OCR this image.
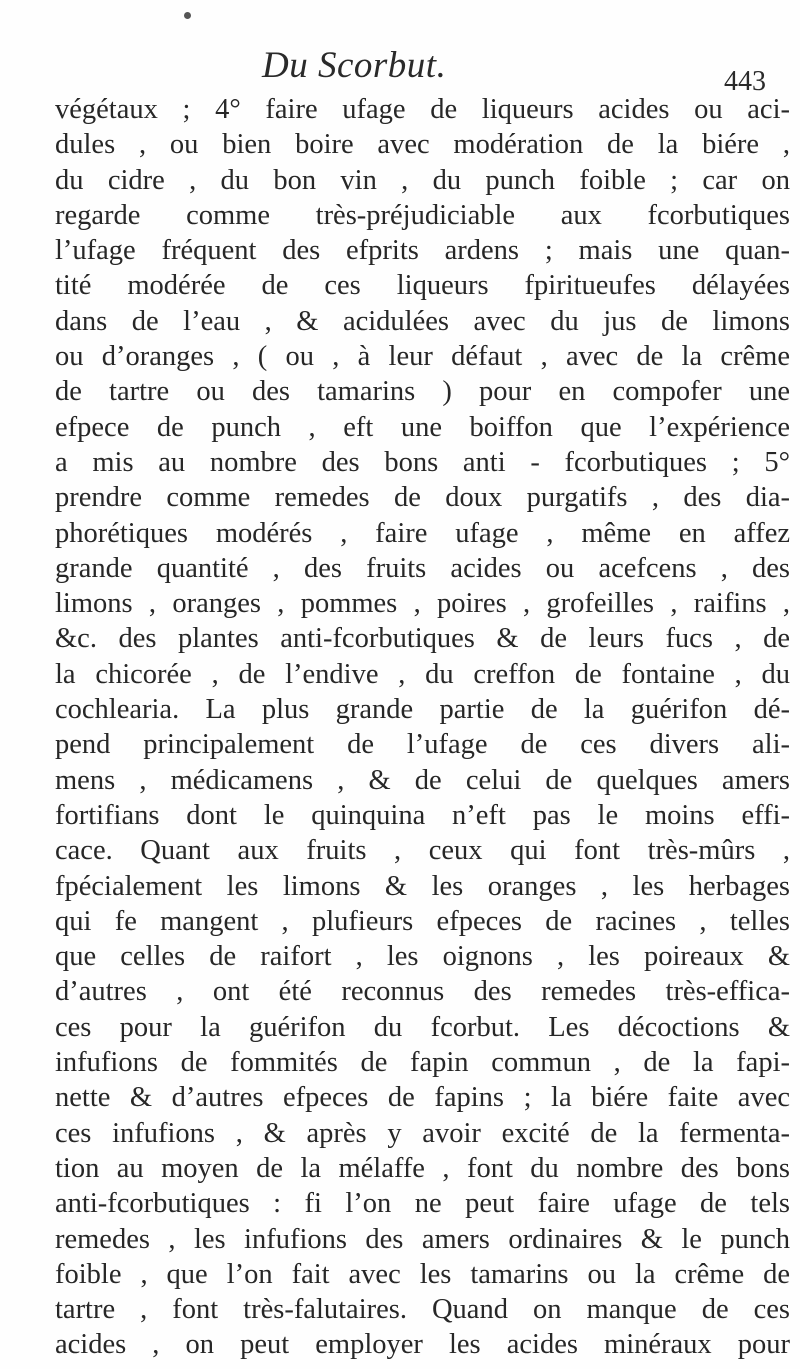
Du Scorbut.	443
végétaux ; 4° faire ufage de liqueurs acides ou aci-
dules , ou bien boire avec modération de la biére ,
du cidre , du bon vin , du punch foible ; car on
regarde comme très-préjudiciable aux fcorbutiques
l’ufage fréquent des efprits ardens ; mais une quan-
tité modérée de ces liqueurs fpiritueufes délayées
dans de l’eau , & acidulées avec du jus de limons
ou d’oranges , ( ou , à leur défaut , avec de la crême
de tartre ou des tamarins ) pour en compofer une
efpece de punch , eft une boiffon que l’expérience
a mis au nombre des bons anti - fcorbutiques ; 5°
prendre comme remedes de doux purgatifs , des dia-
phorétiques modérés , faire ufage , même en affez
grande quantité , des fruits acides ou acefcens , des
limons , oranges , pommes , poires , grofeilles , raifins ,
&c. des plantes anti-fcorbutiques & de leurs fucs , de
la chicorée , de l’endive , du creffon de fontaine , du
cochlearia. La plus grande partie de la guérifon dé-
pend principalement de l’ufage de ces divers ali-
mens , médicamens , & de celui de quelques amers
fortifians dont le quinquina n’eft pas le moins effi-
cace. Quant aux fruits , ceux qui font très-mûrs ,
fpécialement les limons & les oranges , les herbages
qui fe mangent , plufieurs efpeces de racines , telles
que celles de raifort , les oignons , les poireaux &
d’autres , ont été reconnus des remedes très-effica-
ces pour la guérifon du fcorbut. Les décoctions &
infufions de fommités de fapin commun , de la fapi-
nette & d’autres efpeces de fapins ; la biére faite avec
ces infufions , & après y avoir excité de la fermenta-
tion au moyen de la mélaffe , font du nombre des bons
anti-fcorbutiques : fi l’on ne peut faire ufage de tels
remedes , les infufions des amers ordinaires & le punch
foible , que l’on fait avec les tamarins ou la crême de
tartre , font très-falutaires. Quand on manque de ces
acides , on peut employer les acides minéraux pour
